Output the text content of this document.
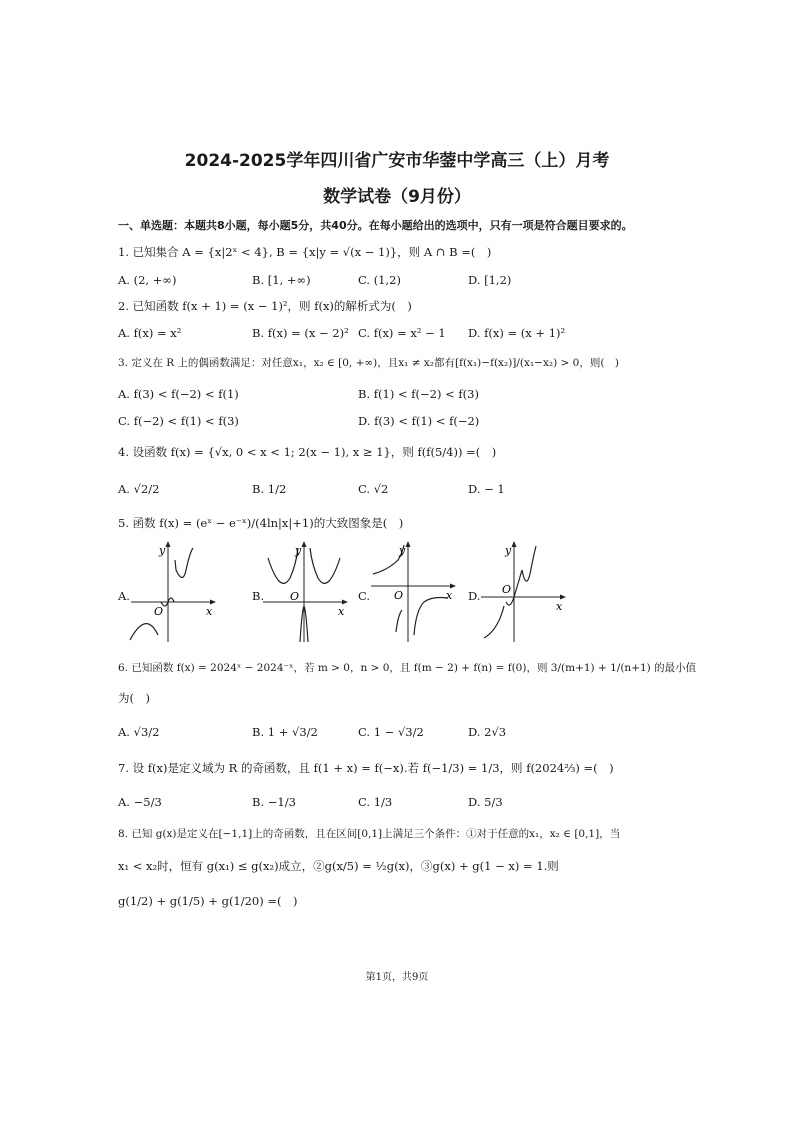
2024-2025学年四川省广安市华蓥中学高三（上）月考
数学试卷（9月份）
一、单选题：本题共8小题，每小题5分，共40分。在每小题给出的选项中，只有一项是符合题目要求的。
1. 已知集合 A = {x|2ˣ < 4}, B = {x|y = √(x − 1)}，则 A ∩ B =(　)
A. (2, +∞)	B. [1, +∞)	C. (1,2)	D. [1,2)
2. 已知函数 f(x + 1) = (x − 1)²，则 f(x)的解析式为(　)
A. f(x) = x²	B. f(x) = (x − 2)² C. f(x) = x² − 1 D. f(x) = (x + 1)²
3. 定义在 R 上的偶函数满足：对任意x₁，x₂ ∈ [0, +∞)，且x₁ ≠ x₂都有[f(x₁)−f(x₂)]/(x₁−x₂) > 0，则(　)
A. f(3) < f(−2) < f(1)	B. f(1) < f(−2) < f(3)
C. f(−2) < f(1) < f(3)	D. f(3) < f(1) < f(−2)
4. 设函数 f(x) = {√x, 0 < x < 1; 2(x − 1), x ≥ 1}，则 f(f(5/4)) =(　)
A. √2/2	B. 1/2	C. √2	D. − 1
5. 函数 f(x) = (eˣ − e⁻ˣ)/(4ln|x|+1)的大致图象是(　)
A.
y
x
O
B.
y
x
O	C.
y
x
O	D.
y
x
O
6. 已知函数 f(x) = 2024ˣ − 2024⁻ˣ，若 m > 0，n > 0，且 f(m − 2) + f(n) = f(0)，则 3/(m+1) + 1/(n+1) 的最小值
为(　)
A. √3/2	B. 1 + √3/2	C. 1 − √3/2	D. 2√3
7. 设 f(x)是定义域为 R 的奇函数，且 f(1 + x) = f(−x).若 f(−1/3) = 1/3，则 f(2024⅔) =(　)
A. −5/3	B. −1/3	C. 1/3	D. 5/3
8. 已知 g(x)是定义在[−1,1]上的奇函数，且在区间[0,1]上满足三个条件：①对于任意的x₁，x₂ ∈ [0,1]，当
x₁ < x₂时，恒有 g(x₁) ≤ g(x₂)成立，②g(x/5) = ½g(x)，③g(x) + g(1 − x) = 1.则
g(1/2) + g(1/5) + g(1/20) =(　)
第1页，共9页
